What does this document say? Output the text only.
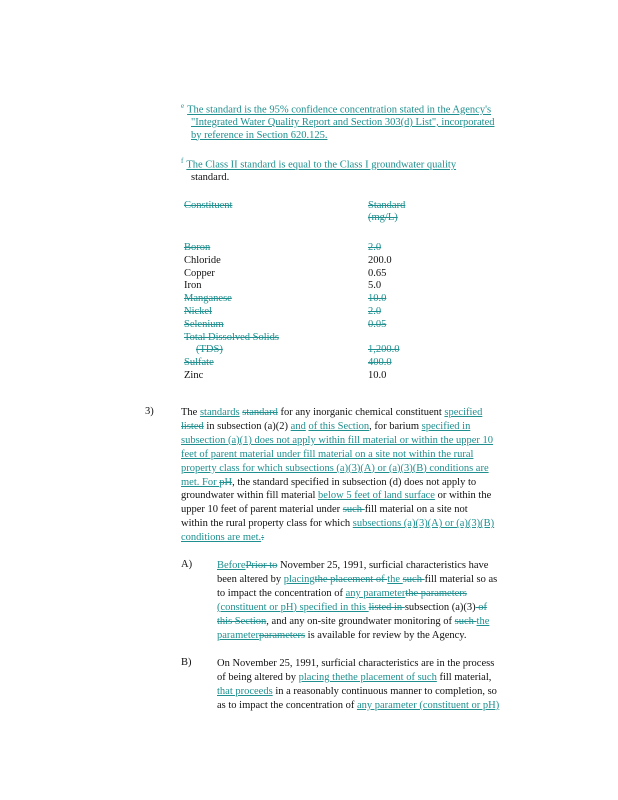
$^e$ The standard is the 95% confidence concentration stated in the Agency's
"Integrated Water Quality Report and Section 303(d) List", incorporated
by reference in Section 620.125.
$^f$ The Class II standard is equal to the Class I groundwater quality
standard.
Constituent	Standard
(mg/L)
Boron	2.0
Chloride	200.0
Copper	0.65
Iron	5.0
Manganese	10.0
Nickel	2.0
Selenium	0.05
Total Dissolved Solids
(TDS)	1,200.0
Sulfate	400.0
Zinc	10.0
3)	The standards standard for any inorganic chemical constituent specified
listed in subsection (a)(2) and of this Section, for barium specified in
subsection (a)(1) does not apply within fill material or within the upper 10
feet of parent material under fill material on a site not within the rural
property class for which subsections (a)(3)(A) or (a)(3)(B) conditions are
met. For pH, the standard specified in subsection (d) does not apply to
groundwater within fill material below 5 feet of land surface or within the
upper 10 feet of parent material under such fill material on a site not
within the rural property class for which subsections (a)(3)(A) or (a)(3)(B)
conditions are met.:
A) BeforePrior to November 25, 1991, surficial characteristics have
been altered by placingthe placement of the such fill material so as
to impact the concentration of any parameterthe parameters
(constituent or pH) specified in this listed in subsection (a)(3) of
this Section, and any on-site groundwater monitoring of such the
parameterparameters is available for review by the Agency.
B) On November 25, 1991, surficial characteristics are in the process
of being altered by placing thethe placement of such fill material,
that proceeds in a reasonably continuous manner to completion, so
as to impact the concentration of any parameter (constituent or pH)
